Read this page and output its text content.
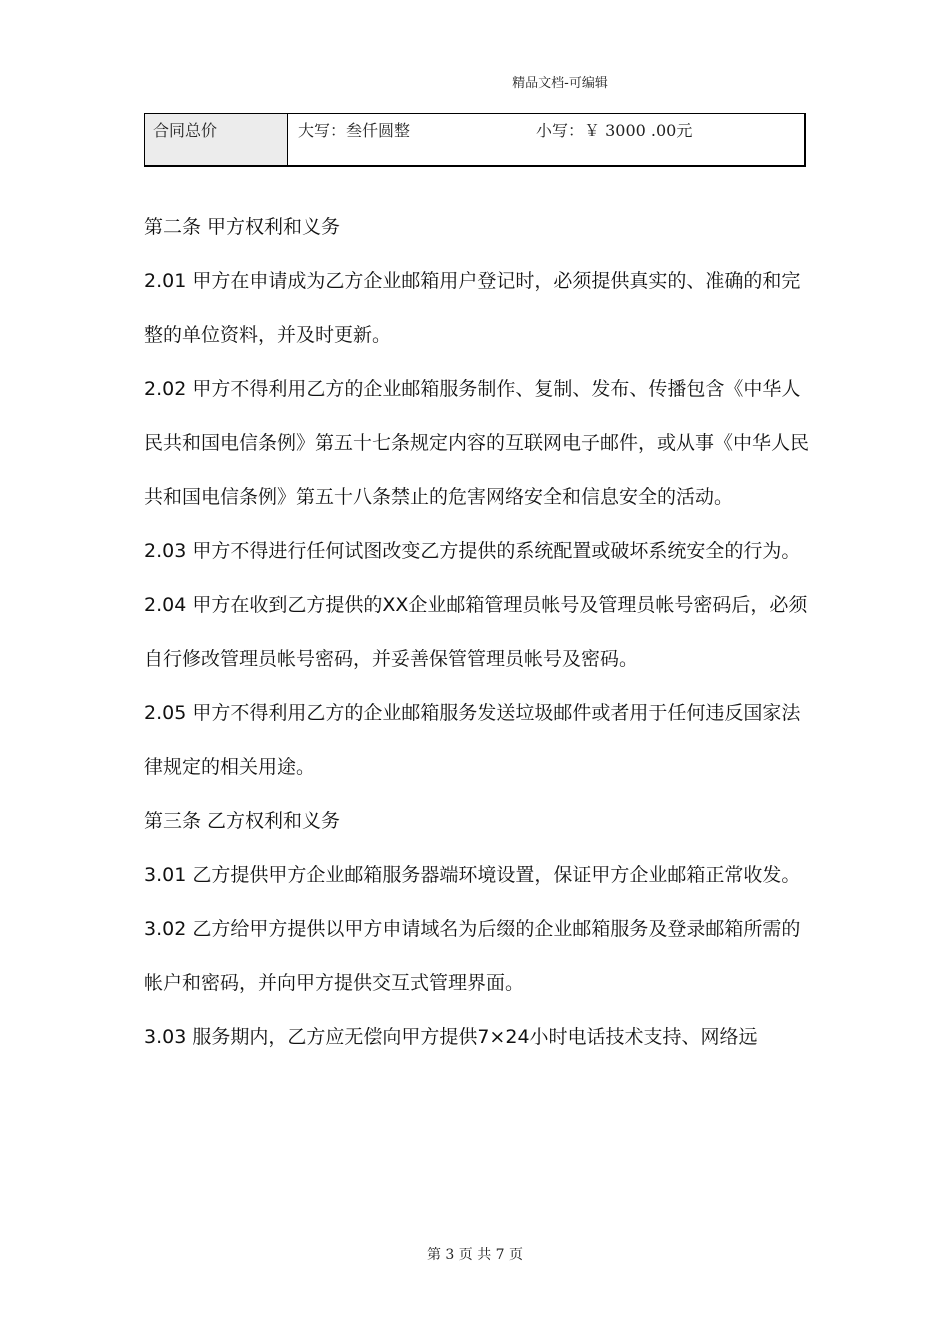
精品文档-可编辑
合同总价	大写：叁仟圆整	小写：￥ 3000 .00元

第二条 甲方权利和义务

2.01 甲方在申请成为乙方企业邮箱用户登记时，必须提供真实的、准确的和完整的单位资料，并及时更新。

2.02 甲方不得利用乙方的企业邮箱服务制作、复制、发布、传播包含《中华人民共和国电信条例》第五十七条规定内容的互联网电子邮件，或从事《中华人民共和国电信条例》第五十八条禁止的危害网络安全和信息安全的活动。

2.03 甲方不得进行任何试图改变乙方提供的系统配置或破坏系统安全的行为。

2.04 甲方在收到乙方提供的XX企业邮箱管理员帐号及管理员帐号密码后，必须自行修改管理员帐号密码，并妥善保管管理员帐号及密码。

2.05 甲方不得利用乙方的企业邮箱服务发送垃圾邮件或者用于任何违反国家法律规定的相关用途。

第三条 乙方权利和义务

3.01 乙方提供甲方企业邮箱服务器端环境设置，保证甲方企业邮箱正常收发。

3.02 乙方给甲方提供以甲方申请域名为后缀的企业邮箱服务及登录邮箱所需的帐户和密码，并向甲方提供交互式管理界面。

3.03 服务期内，乙方应无偿向甲方提供7×24小时电话技术支持、网络远

第 3 页 共 7 页
